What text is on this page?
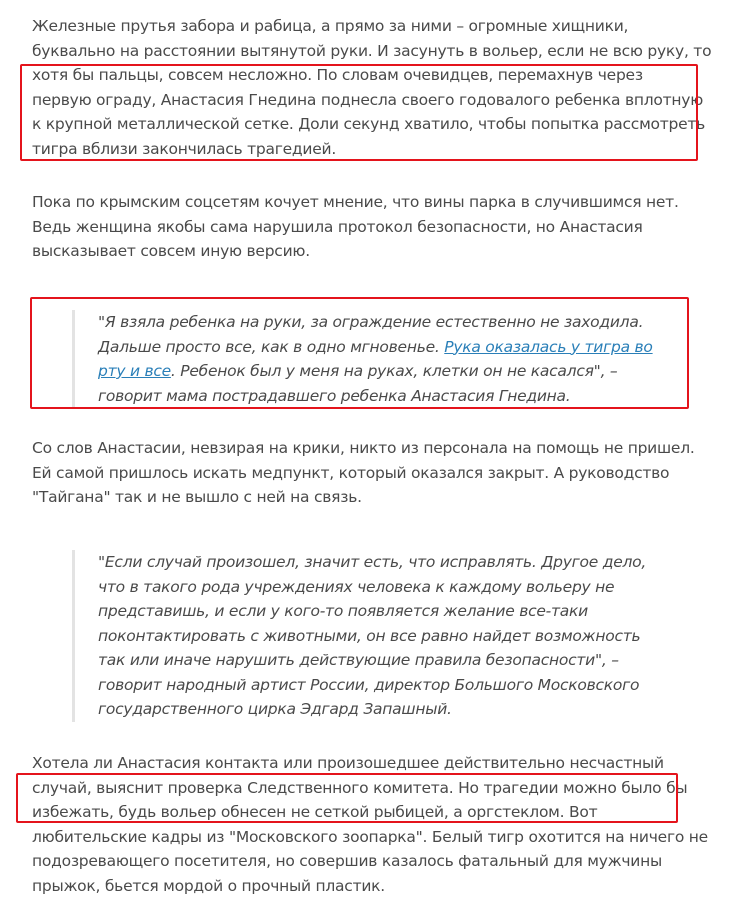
Железные прутья забора и рабица, а прямо за ними – огромные хищники,
буквально на расстоянии вытянутой руки. И засунуть в вольер, если не всю руку, то
хотя бы пальцы, совсем несложно. По словам очевидцев, перемахнув через
первую ограду, Анастасия Гнедина поднесла своего годовалого ребенка вплотную
к крупной металлической сетке. Доли секунд хватило, чтобы попытка рассмотреть
тигра вблизи закончилась трагедией.
Пока по крымским соцсетям кочует мнение, что вины парка в случившимся нет.
Ведь женщина якобы сама нарушила протокол безопасности, но Анастасия
высказывает совсем иную версию.
"Я взяла ребенка на руки, за ограждение естественно не заходила.
Дальше просто все, как в одно мгновенье. Рука оказалась у тигра во
рту и все. Ребенок был у меня на руках, клетки он не касался", –
говорит мама пострадавшего ребенка Анастасия Гнедина.
Со слов Анастасии, невзирая на крики, никто из персонала на помощь не пришел.
Ей самой пришлось искать медпункт, который оказался закрыт. А руководство
"Тайгана" так и не вышло с ней на связь.
"Если случай произошел, значит есть, что исправлять. Другое дело,
что в такого рода учреждениях человека к каждому вольеру не
представишь, и если у кого-то появляется желание все-таки
поконтактировать с животными, он все равно найдет возможность
так или иначе нарушить действующие правила безопасности", –
говорит народный артист России, директор Большого Московского
государственного цирка Эдгард Запашный.
Хотела ли Анастасия контакта или произошедшее действительно несчастный
случай, выяснит проверка Следственного комитета. Но трагедии можно было бы
избежать, будь вольер обнесен не сеткой рыбицей, а оргстеклом. Вот
любительские кадры из "Московского зоопарка". Белый тигр охотится на ничего не
подозревающего посетителя, но совершив казалось фатальный для мужчины
прыжок, бьется мордой о прочный пластик.
